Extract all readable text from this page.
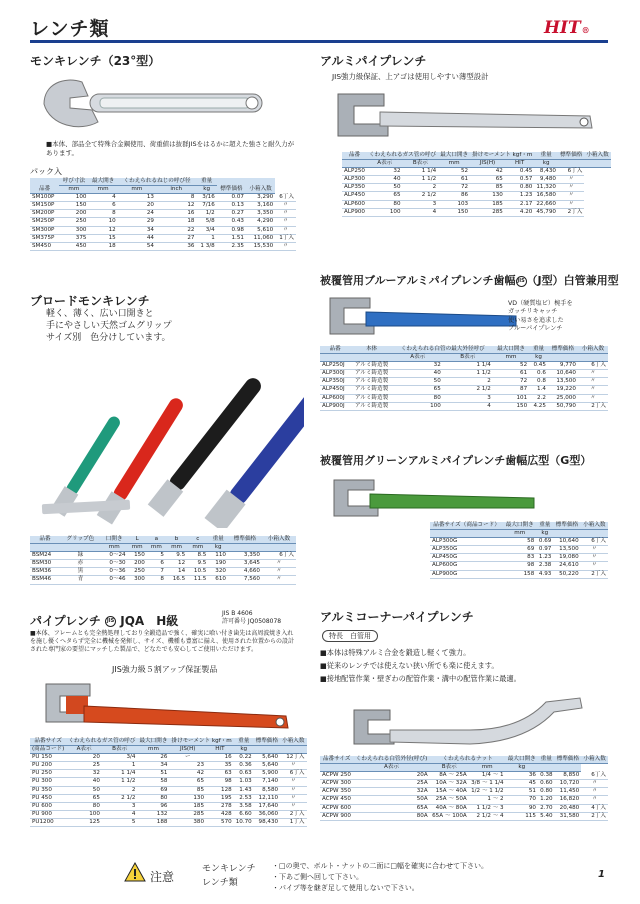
レンチ類	HIT®
モンキレンチ（23°型）
■本体、部品全て特殊合金鋼使用、荷重値は抜群JISをはるかに超えた強さと耐久力があります。
パック入
品番	呼び寸法	最大開き	くわえられるねじの呼び径		重量	標準価格	小箱入数	
	mm	mm	mm	inch	kg			
SM100P	100	4	13	8	3/16	0.07	3,290	6丁入
SM150P	150	6	20	12	7/16	0.13	3,160	〃
SM200P	200	8	24	16	1/2	0.27	3,350	〃
SM250P	250	10	29	18	5/8	0.43	4,290	〃
SM300P	300	12	34	22	3/4	0.98	5,610	〃
SM375P	375	15	44	27	1	1.51	11,060	1丁入
SM450	450	18	54	36	1 3/8	2.35	15,530	〃
ブロードモンキレンチ
軽く、薄く、広い口開きと
手にやさしい天然ゴムグリップ
サイズ別　色分けしています。
品番	グリップ色	口開き	L	a	b	c	重量	標準価格	小箱入数
		mm	mm	mm	mm	mm	kg		
BSM24	緑	0〜24	150	5	9.5	8.5	110	3,350	6丁入
BSM30	赤	0〜30	200	6	12	9.5	190	3,645	〃
BSM36	黒	0〜36	250	7	14	10.5	320	4,660	〃
BSM46	青	0〜46	300	8	16.5	11.5	610	7,560	〃
パイプレンチ JIS JQA　H級
JIS B 4606
許可番号 JQ0508078
■本体、フレームとも完全熱処理しており全鍛造品で強く、確実に喰い付き歯先は高周波焼き入れを施し優くへタらず完全に機械を発揮し、サイズ、機種も豊富に揃え、使用された位置からの設計された専門家の要望にマッチした製品で、どなたでも安心してご使用いただけます。
JIS強力級５割アップ保証製品
品番サイズ	くわえられるガス管の呼び		最大口開き	掛けモーメント kgf・m		重量	標準価格	小箱入数
(商品コード)	A表示	B表示	mm	JIS(H)	HIT	kg		
PU 150	20	3/4	26	ー	16	0.22	5,640	12丁入
PU 200	25	1	34	23	35	0.36	5,640	〃
PU 250	32	1 1/4	51	42	63	0.63	5,900	6丁入
PU 300	40	1 1/2	58	65	98	1.03	7,140	〃
PU 350	50	2	69	85	128	1.43	8,580	〃
PU 450	65	2 1/2	80	130	195	2.53	12,110	〃
PU 600	80	3	96	185	278	3.58	17,640	〃
PU 900	100	4	132	285	428	6.60	36,060	2丁入
PU1200	125	5	188	380	570	10.70	98,430	1丁入
アルミパイプレンチ
JIS強力級保証、上アゴは使用しやすい薄型設計
品番	くわえられるガス管の呼び		最大口開き	掛けモーメント kgf・m		重量	標準価格	小箱入数
	A表示	B表示	mm	JIS(H)	HIT	kg		
ALP250	32	1 1/4	52	42	0.45	8,430	6丁入	
ALP300	40	1 1/2	61	65	0.57	9,480	〃	
ALP350	50	2	72	85	0.80	11,320	〃	
ALP450	65	2 1/2	86	130	1.23	16,580	〃	
ALP600	80	3	103	185	2.17	22,660	〃	
ALP900	100	4	150	285	4.20	45,790	2丁入	
被覆管用ブルーアルミパイプレンチ歯幅 JIS （J型）白管兼用型
VD（硬質塩ビ）椀手を
ガッチリキャッチ
使い易さを追求した
ブルーパイプレンチ
品番	本体	くわえられる白管の最大外径呼び		最大口開き	重量	標準価格	小箱入数
		A表示	B表示	mm	kg		
ALP250J	アルミ鋳造製	32	1 1/4	52	0.45	9,770	6丁入
ALP300J	アルミ鋳造製	40	1 1/2	61	0.6	10,640	〃
ALP350J	アルミ鋳造製	50	2	72	0.8	13,500	〃
ALP450J	アルミ鋳造製	65	2 1/2	87	1.4	19,220	〃
ALP600J	アルミ鋳造製	80	3	101	2.2	25,000	〃
ALP900J	アルミ鋳造製	100	4	150	4.25	50,790	2丁入
被覆管用グリーンアルミパイプレンチ歯幅広型（G型）
品番サイズ（商品コード）	最大口開き	重量	標準価格	小箱入数
	mm	kg		
ALP300G	58	0.69	10,640	6丁入
ALP350G	69	0.97	13,500	〃
ALP450G	83	1.23	19,080	〃
ALP600G	98	2.38	24,610	〃
ALP900G	158	4.93	50,220	2丁入
アルミコーナーパイプレンチ
特長　白管用
■本体は特殊アルミ合金を鍛造し軽くて強力。
■従来のレンチでは使えない狭い所でも楽に使えます。
■接地配管作業・壁ぎわの配管作業・溝中の配管作業に最適。
品番サイズ	くわえられる白管外径(呼び)	くわえられるナット		最大口開き	重量	標準価格	小箱入数
	A表示	B表示	mm	kg			
ACPW 250	20A	8A 〜 25A	1/4 〜 1	36	0.38	8,850	6丁入
ACPW 300	25A	10A 〜 32A	3/8 〜 1 1/4	45	0.60	10,720	〃
ACPW 350	32A	15A 〜 40A	1/2 〜 1 1/2	51	0.80	11,450	〃
ACPW 450	50A	25A 〜 50A	1 〜 2	70	1.20	16,820	〃
ACPW 600	65A	40A 〜 80A	1 1/2 〜 3	90	2.70	20,480	4丁入
ACPW 900	80A	65A 〜 100A	2 1/2 〜 4	115	5.40	31,580	2丁入
注意
モンキレンチ
レンチ類
・□の奥で、ボルト・ナットの二面に□幅を確実に合わせて下さい。
・下あご側へ回して下さい。
・パイプ等を継ぎ足して使用しないで下さい。
1
